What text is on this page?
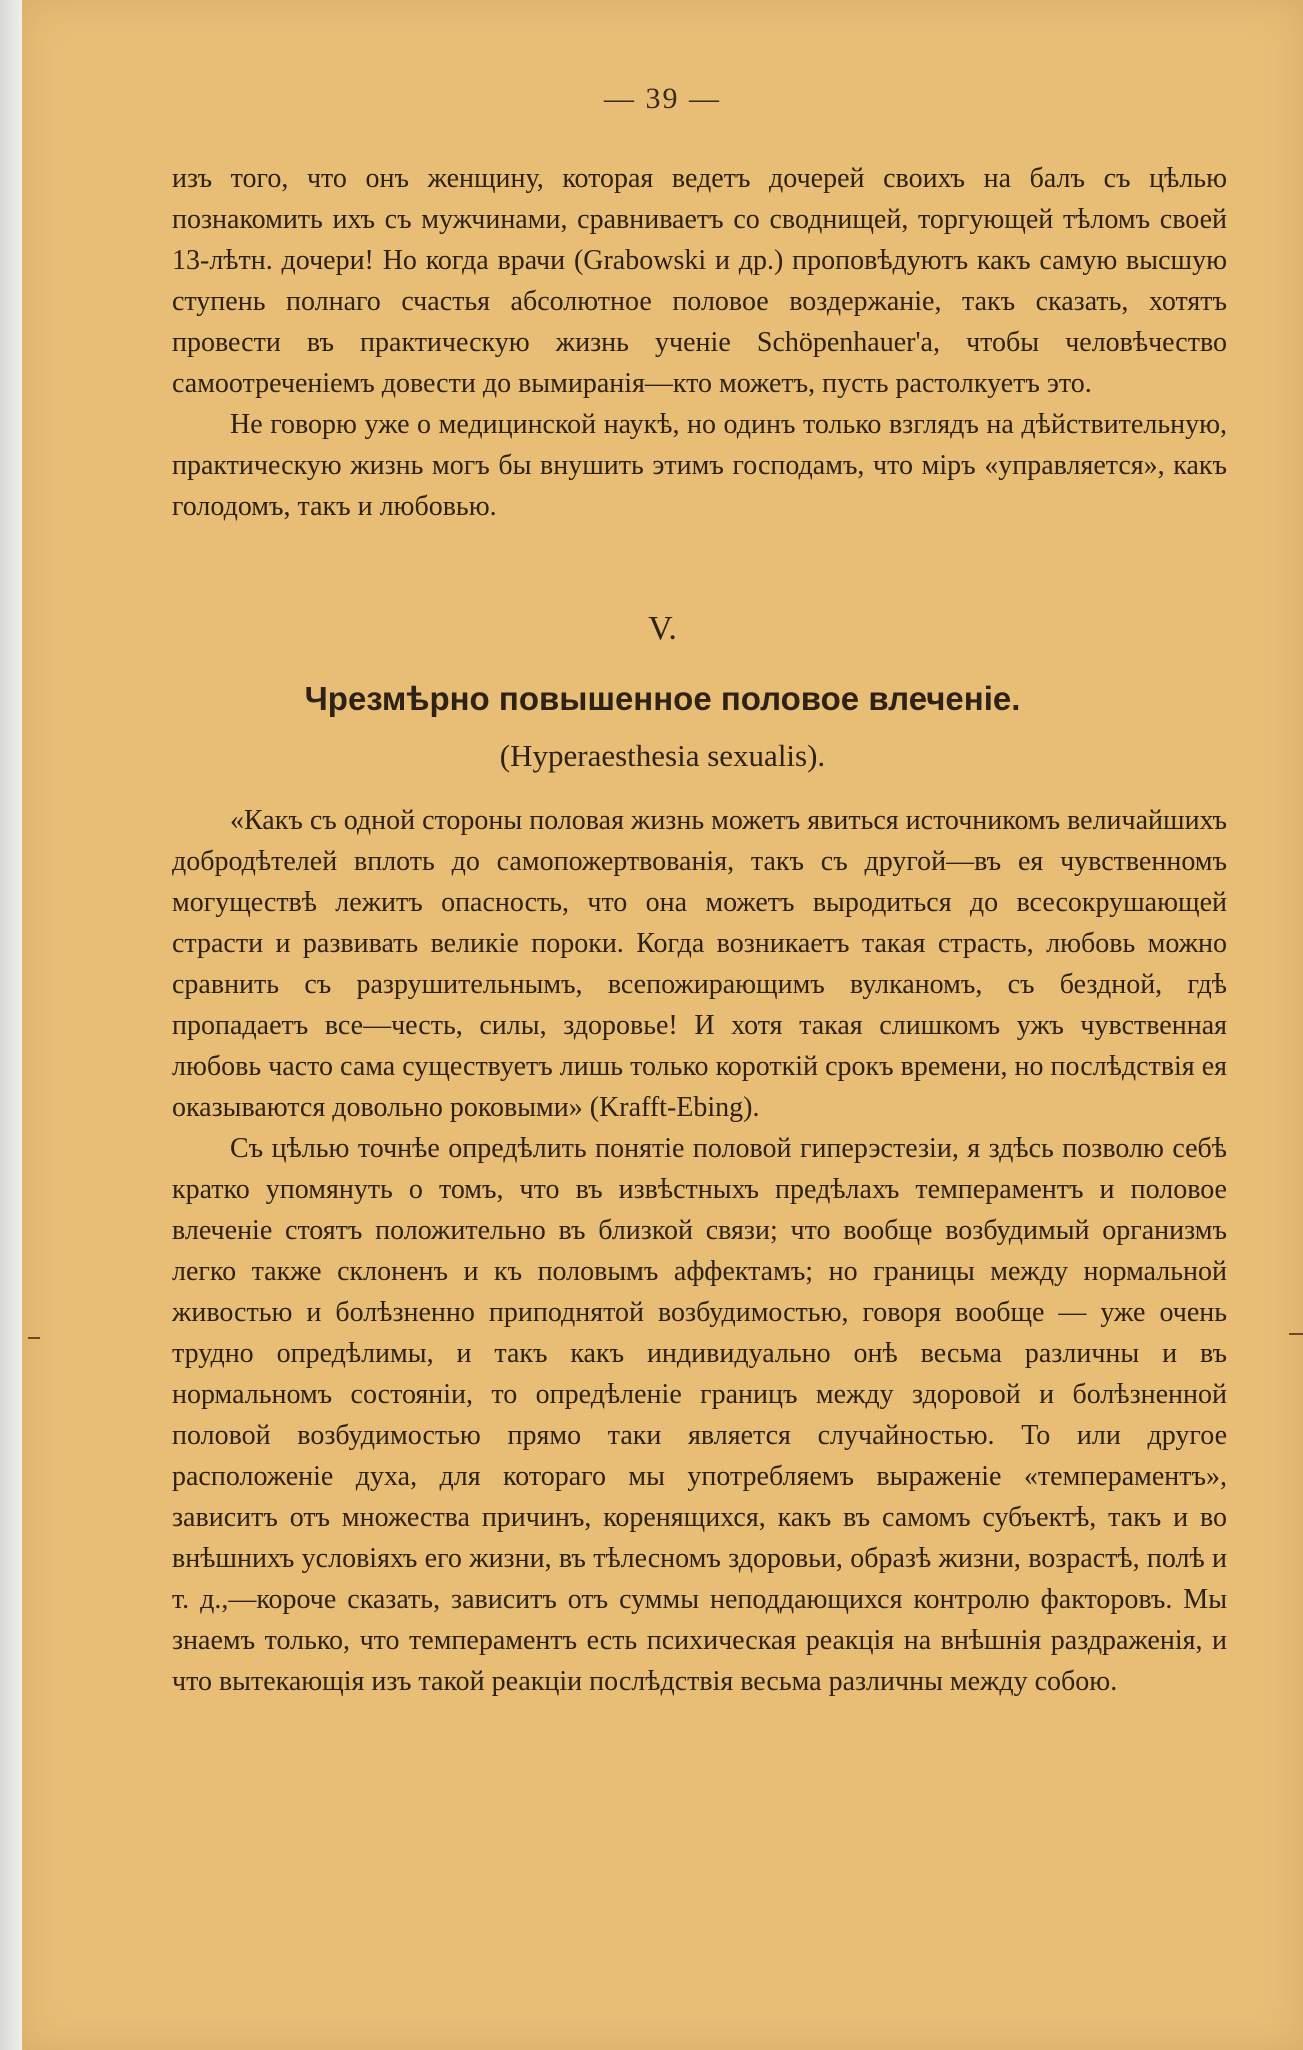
— 39 —

изъ того, что онъ женщину, которая ведетъ дочерей своихъ на балъ съ цѣлью познакомить ихъ съ мужчинами, сравниваетъ со своднищей, торгующей тѣломъ своей 13-лѣтн. дочери! Но когда врачи (Grabowski и др.) проповѣдуютъ какъ самую высшую ступень полнаго счастья абсолютное половое воздержаніе, такъ сказать, хотятъ провести въ практическую жизнь ученіе Schöpenhauer'а, чтобы человѣчество самоотреченіемъ довести до вымиранія—кто можетъ, пусть растолкуетъ это.

Не говорю уже о медицинской наукѣ, но одинъ только взглядъ на дѣйствительную, практическую жизнь могъ бы внушить этимъ господамъ, что міръ «управляется», какъ голодомъ, такъ и любовью.

V.
Чрезмѣрно повышенное половое влеченіе.
(Hyperaesthesia sexualis).

«Какъ съ одной стороны половая жизнь можетъ явиться источникомъ величайшихъ добродѣтелей вплоть до самопожертвованія, такъ съ другой—въ ея чувственномъ могуществѣ лежитъ опасность, что она можетъ выродиться до всесокрушающей страсти и развивать великіе пороки. Когда возникаетъ такая страсть, любовь можно сравнить съ разрушительнымъ, всепожирающимъ вулканомъ, съ бездной, гдѣ пропадаетъ все—честь, силы, здоровье! И хотя такая слишкомъ ужъ чувственная любовь часто сама существуетъ лишь только короткій срокъ времени, но послѣдствія ея оказываются довольно роковыми» (Krafft-Ebing).

Съ цѣлью точнѣе опредѣлить понятіе половой гиперэстезіи, я здѣсь позволю себѣ кратко упомянуть о томъ, что въ извѣстныхъ предѣлахъ темпераментъ и половое влеченіе стоятъ положительно въ близкой связи; что вообще возбудимый организмъ легко также склоненъ и къ половымъ аффектамъ; но границы между нормальной живостью и болѣзненно приподнятой возбудимостью, говоря вообще — уже очень трудно опредѣлимы, и такъ какъ индивидуально онѣ весьма различны и въ нормальномъ состояніи, то опредѣленіе границъ между здоровой и болѣзненной половой возбудимостью прямо таки является случайностью. То или другое расположеніе духа, для котораго мы употребляемъ выраженіе «темпераментъ», зависитъ отъ множества причинъ, коренящихся, какъ въ самомъ субъектѣ, такъ и во внѣшнихъ условіяхъ его жизни, въ тѣлесномъ здоровьи, образѣ жизни, возрастѣ, полѣ и т. д.,—короче сказать, зависитъ отъ суммы неподдающихся контролю факторовъ. Мы знаемъ только, что темпераментъ есть психическая реакція на внѣшнія раздраженія, и что вытекающія изъ такой реакціи послѣдствія весьма различны между собою.
